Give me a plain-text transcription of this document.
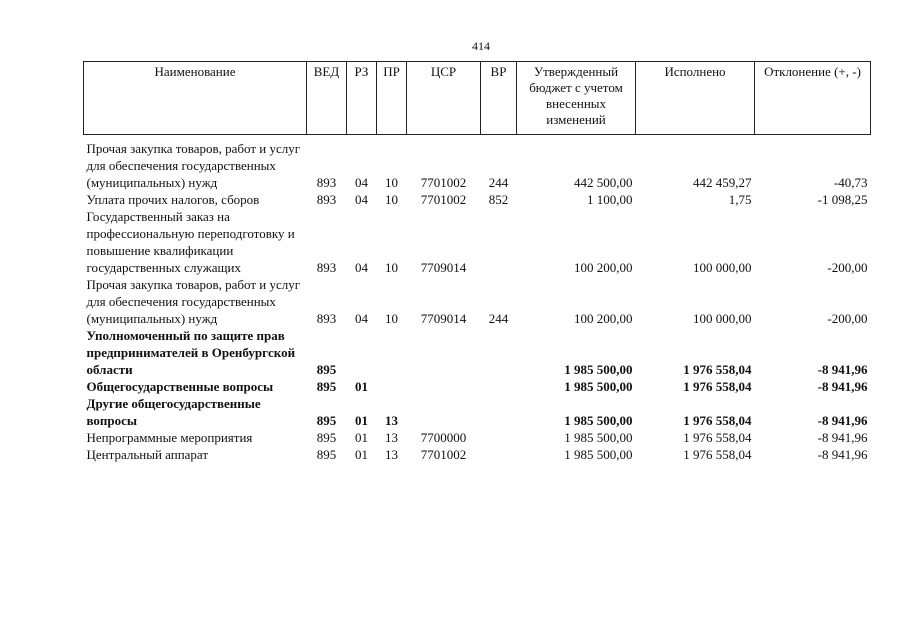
414
Наименование	ВЕД	РЗ	ПР	ЦСР	ВР	Утвержденный бюджет с учетом внесенных изменений	Исполнено	Отклонение (+, -)
Прочая закупка товаров, работ и услуг для обеспечения государственных (муниципальных) нужд	893	04	10	7701002	244	442 500,00	442 459,27	-40,73
Уплата прочих налогов, сборов	893	04	10	7701002	852	1 100,00	1,75	-1 098,25
Государственный заказ на профессиональную переподготовку и повышение квалификации государственных служащих	893	04	10	7709014		100 200,00	100 000,00	-200,00
Прочая закупка товаров, работ и услуг для обеспечения государственных (муниципальных) нужд	893	04	10	7709014	244	100 200,00	100 000,00	-200,00
Уполномоченный по защите прав предпринимателей в Оренбургской области	895					1 985 500,00	1 976 558,04	-8 941,96
Общегосударственные вопросы	895	01				1 985 500,00	1 976 558,04	-8 941,96
Другие общегосударственные вопросы	895	01	13			1 985 500,00	1 976 558,04	-8 941,96
Непрограммные мероприятия	895	01	13	7700000		1 985 500,00	1 976 558,04	-8 941,96
Центральный аппарат	895	01	13	7701002		1 985 500,00	1 976 558,04	-8 941,96
